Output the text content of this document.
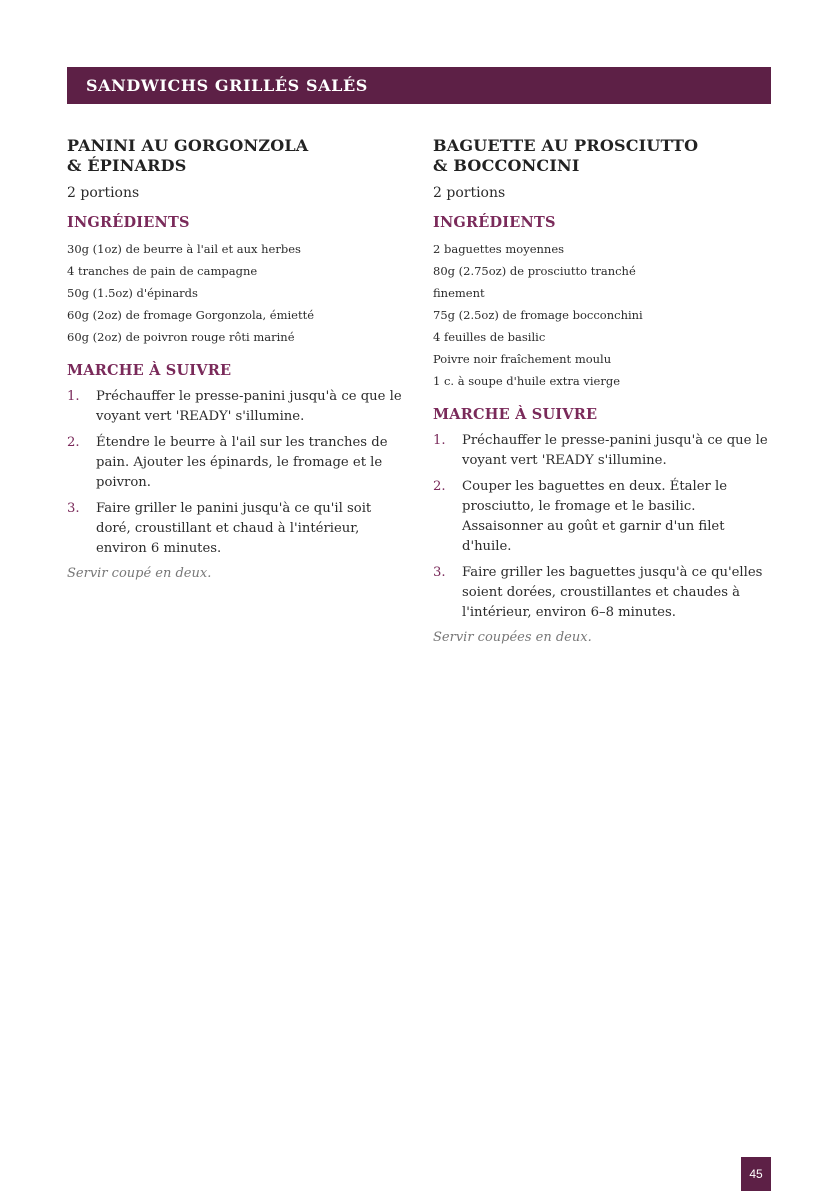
SANDWICHS GRILLÉS SALÉS
PANINI AU GORGONZOLA
& ÉPINARDS
2 portions
INGRÉDIENTS
30g (1oz) de beurre à l'ail et aux herbes
4 tranches de pain de campagne
50g (1.5oz) d'épinards
60g (2oz) de fromage Gorgonzola, émietté
60g (2oz) de poivron rouge rôti mariné
MARCHE À SUIVRE
1. Préchauffer le presse-panini jusqu'à ce que le voyant vert 'READY' s'illumine.
2. Étendre le beurre à l'ail sur les tranches de pain. Ajouter les épinards, le fromage et le poivron.
3. Faire griller le panini jusqu'à ce qu'il soit doré, croustillant et chaud à l'intérieur, environ 6 minutes.
Servir coupé en deux.
BAGUETTE AU PROSCIUTTO
& BOCCONCINI
2 portions
INGRÉDIENTS
2 baguettes moyennes
80g (2.75oz) de prosciutto tranché
finement
75g (2.5oz) de fromage bocconchini
4 feuilles de basilic
Poivre noir fraîchement moulu
1 c. à soupe d'huile extra vierge
MARCHE À SUIVRE
1. Préchauffer le presse-panini jusqu'à ce que le voyant vert 'READY s'illumine.
2. Couper les baguettes en deux. Étaler le prosciutto, le fromage et le basilic. Assaisonner au goût et garnir d'un filet d'huile.
3. Faire griller les baguettes jusqu'à ce qu'elles soient dorées, croustillantes et chaudes à l'intérieur, environ 6–8 minutes.
Servir coupées en deux.
45
